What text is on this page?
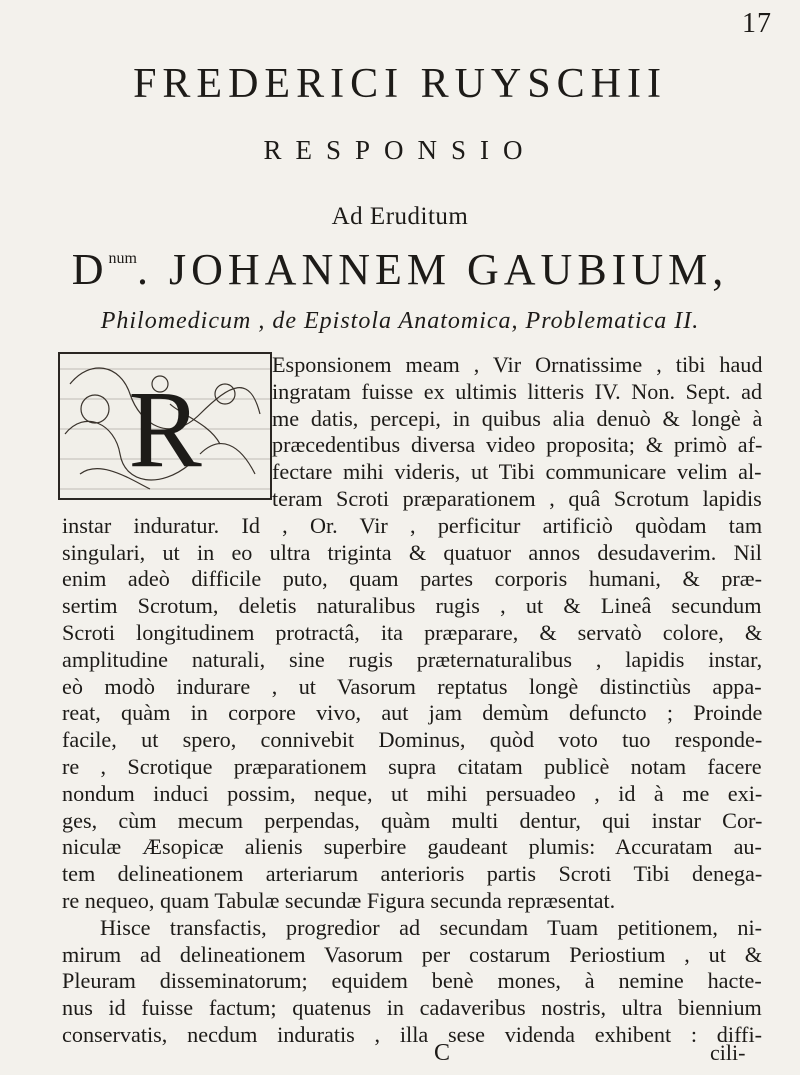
17
FREDERICI RUYSCHII
RESPONSIO
Ad Eruditum
$D^{num}$. JOHANNEM GAUBIUM,
Philomedicum , de Epistola Anatomica, Problematica II.
R
Esponsionem meam , Vir Ornatissime , tibi haud
ingratam fuisse ex ultimis litteris IV. Non. Sept. ad
me datis, percepi, in quibus alia denuò & longè à
præcedentibus diversa video proposita; & primò af-
fectare mihi videris, ut Tibi communicare velim al-
teram Scroti præparationem , quâ Scrotum lapidis
instar induratur. Id , Or. Vir , perficitur artificiò quòdam tam
singulari, ut in eo ultra triginta & quatuor annos desudaverim. Nil
enim adeò difficile puto, quam partes corporis humani, & præ-
sertim Scrotum, deletis naturalibus rugis , ut & Lineâ secundum
Scroti longitudinem protractâ, ita præparare, & servatò colore, &
amplitudine naturali, sine rugis præternaturalibus , lapidis instar,
eò modò indurare , ut Vasorum reptatus longè distinctiùs appa-
reat, quàm in corpore vivo, aut jam demùm defuncto ; Proinde
facile, ut spero, connivebit Dominus, quòd voto tuo responde-
re , Scrotique præparationem supra citatam publicè notam facere
nondum induci possim, neque, ut mihi persuadeo , id à me exi-
ges, cùm mecum perpendas, quàm multi dentur, qui instar Cor-
niculæ Æsopicæ alienis superbire gaudeant plumis: Accuratam au-
tem delineationem arteriarum anterioris partis Scroti Tibi denega-
re nequeo, quam Tabulæ secundæ Figura secunda repræsentat.
Hisce transfactis, progredior ad secundam Tuam petitionem, ni-
mirum ad delineationem Vasorum per costarum Periostium , ut &
Pleuram disseminatorum; equidem benè mones, à nemine hacte-
nus id fuisse factum; quatenus in cadaveribus nostris, ultra biennium
conservatis, necdum induratis , illa sese videnda exhibent : diffi-
C	cili-
